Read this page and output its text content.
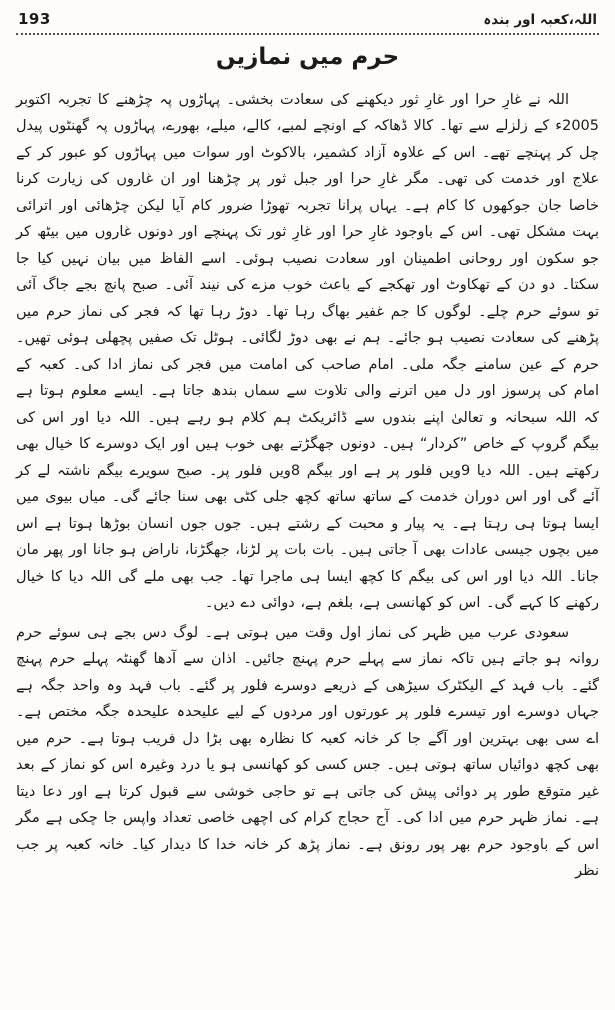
193	اللہ،کعبہ اور بندہ
حرم میں نمازیں

اللہ نے غارِ حرا اور غارِ ثور دیکھنے کی سعادت بخشی۔ پہاڑوں پہ چڑھنے کا تجربہ اکتوبر 2005ء کے زلزلے سے تھا۔ کالا ڈھاکہ کے اونچے لمبے، کالے، میلے، بھورے، پہاڑوں پہ گھنٹوں پیدل چل کر پہنچے تھے۔ اس کے علاوہ آزاد کشمیر، بالاکوٹ اور سوات میں پہاڑوں کو عبور کر کے علاج اور خدمت کی تھی۔ مگر غارِ حرا اور جبل ثور پر چڑھنا اور ان غاروں کی زیارت کرنا خاصا جان جوکھوں کا کام ہے۔ یہاں پرانا تجربہ تھوڑا ضرور کام آیا لیکن چڑھائی اور اترائی بہت مشکل تھی۔ اس کے باوجود غارِ حرا اور غارِ ثور تک پہنچے اور دونوں غاروں میں بیٹھ کر جو سکون اور روحانی اطمینان اور سعادت نصیب ہوئی۔ اسے الفاظ میں بیان نہیں کیا جا سکتا۔ دو دن کے تھکاوٹ اور تھکجے کے باعث خوب مزے کی نیند آئی۔ صبح پانچ بجے جاگ آئی تو سوئے حرم چلے۔ لوگوں کا جم غفیر بھاگ رہا تھا۔ دوڑ رہا تھا کہ فجر کی نماز حرم میں پڑھنے کی سعادت نصیب ہو جائے۔ ہم نے بھی دوڑ لگائی۔ ہوٹل تک صفیں پچھلی ہوئی تھیں۔ حرم کے عین سامنے جگہ ملی۔ امام صاحب کی امامت میں فجر کی نماز ادا کی۔ کعبہ کے امام کی پرسوز اور دل میں اترنے والی تلاوت سے سماں بندھ جاتا ہے۔ ایسے معلوم ہوتا ہے کہ اللہ سبحانہ و تعالیٰ اپنے بندوں سے ڈائریکٹ ہم کلام ہو رہے ہیں۔ اللہ دیا اور اس کی بیگم گروپ کے خاص ”کردار“ ہیں۔ دونوں جھگڑتے بھی خوب ہیں اور ایک دوسرے کا خیال بھی رکھتے ہیں۔ اللہ دیا 9ویں فلور پر ہے اور بیگم 8ویں فلور پر۔ صبح سویرے بیگم ناشتہ لے کر آئے گی اور اس دوران خدمت کے ساتھ ساتھ کچھ جلی کٹی بھی سنا جائے گی۔ میاں بیوی میں ایسا ہوتا ہی رہتا ہے۔ یہ پیار و محبت کے رشتے ہیں۔ جوں جوں انسان بوڑھا ہوتا ہے اس میں بچوں جیسی عادات بھی آ جاتی ہیں۔ بات بات پر لڑنا، جھگڑنا، ناراض ہو جانا اور پھر مان جانا۔ اللہ دیا اور اس کی بیگم کا کچھ ایسا ہی ماجرا تھا۔ جب بھی ملے گی اللہ دیا کا خیال رکھنے کا کہے گی۔ اس کو کھانسی ہے، بلغم ہے، دوائی دے دیں۔

سعودی عرب میں ظہر کی نماز اول وقت میں ہوتی ہے۔ لوگ دس بجے ہی سوئے حرم روانہ ہو جاتے ہیں تاکہ نماز سے پہلے حرم پہنچ جائیں۔ اذان سے آدھا گھنٹہ پہلے حرم پہنچ گئے۔ باب فہد کے الیکٹرک سیڑھی کے ذریعے دوسرے فلور پر گئے۔ باب فہد وہ واحد جگہ ہے جہاں دوسرے اور تیسرے فلور پر عورتوں اور مردوں کے لیے علیحدہ علیحدہ جگہ مختص ہے۔ اے سی بھی بہترین اور آگے جا کر خانہ کعبہ کا نظارہ بھی بڑا دل فریب ہوتا ہے۔ حرم میں بھی کچھ دوائیاں ساتھ ہوتی ہیں۔ جس کسی کو کھانسی ہو یا درد وغیرہ اس کو نماز کے بعد غیر متوقع طور پر دوائی پیش کی جاتی ہے تو حاجی خوشی سے قبول کرتا ہے اور دعا دیتا ہے۔ نماز ظہر حرم میں ادا کی۔ آج حجاج کرام کی اچھی خاصی تعداد واپس جا چکی ہے مگر اس کے باوجود حرم بھر پور رونق ہے۔ نماز پڑھ کر خانہ خدا کا دیدار کیا۔ خانہ کعبہ پر جب نظر
